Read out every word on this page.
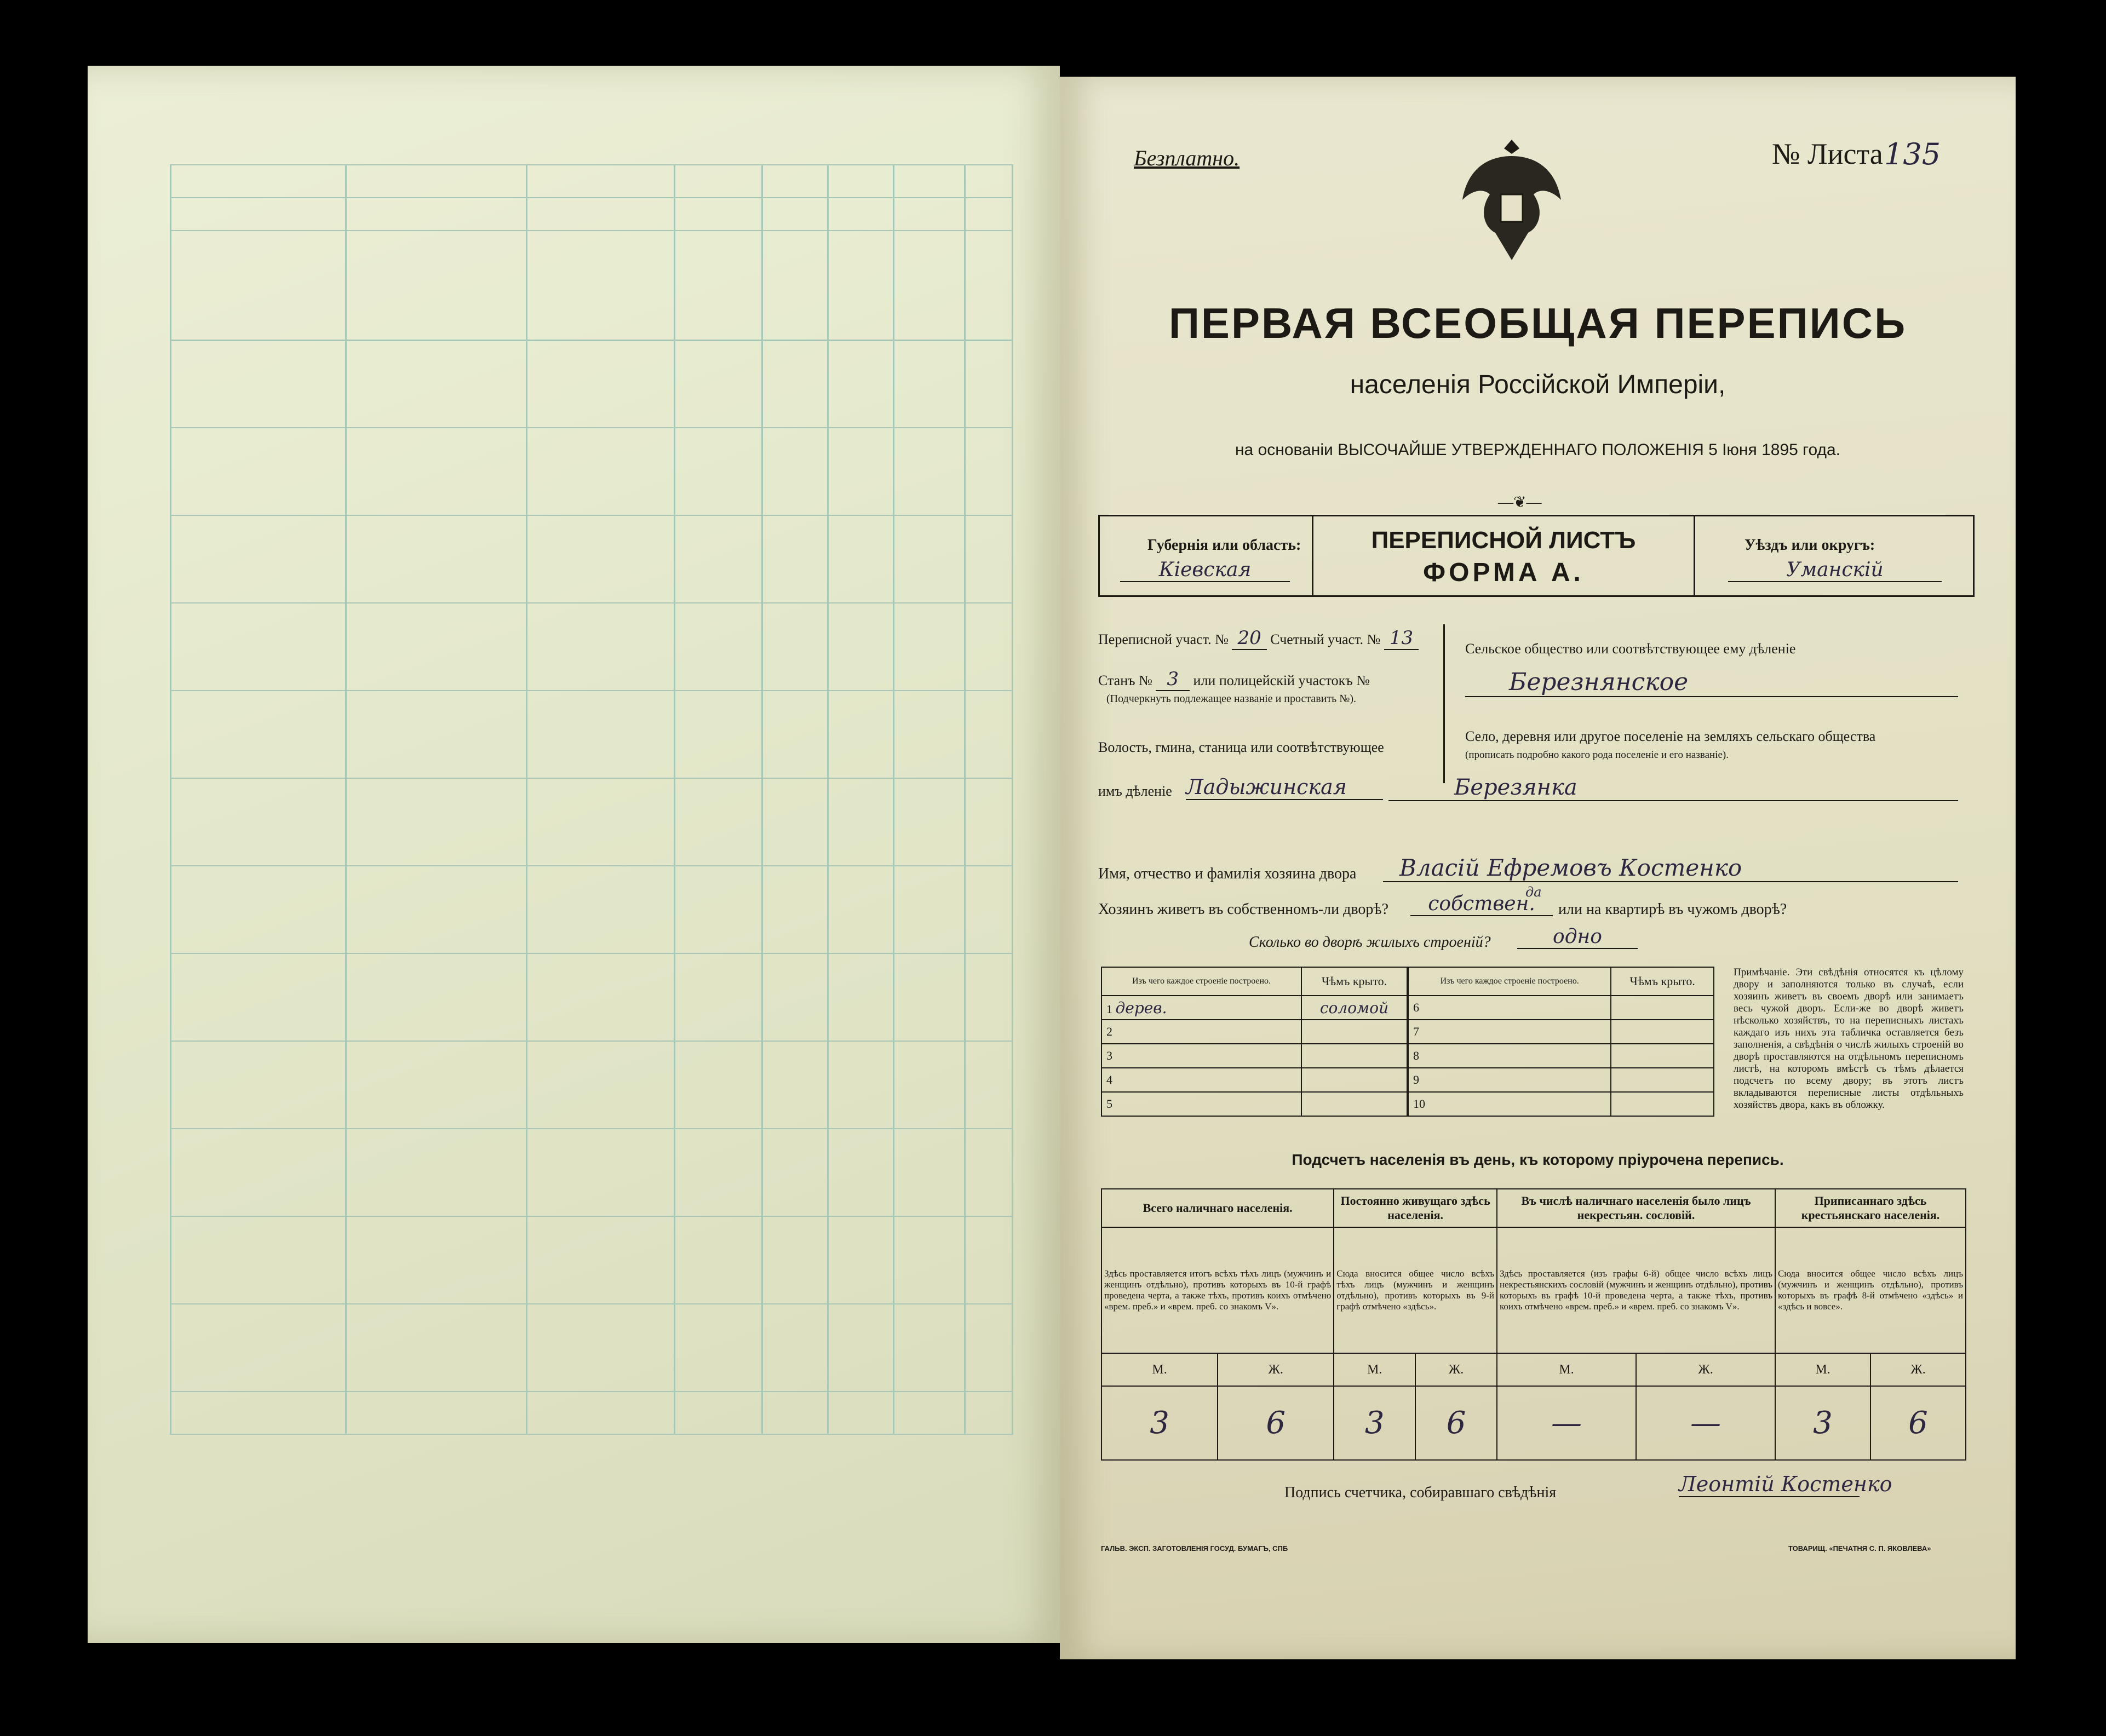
Безплатно.	№ Листа 135
ПЕРВАЯ ВСЕОБЩАЯ ПЕРЕПИСЬ
населенія Россійской Имперіи,
на основаніи ВЫСОЧАЙШЕ УТВЕРЖДЕННАГО ПОЛОЖЕНІЯ 5 Іюня 1895 года.
—❦—
Губернія или область:
Кіевская
ПЕРЕПИСНОЙ ЛИСТЪ
ФОРМА А.
Уѣздъ или округъ:
Уманскій
Переписной участ. № 20 Счетный участ. № 13
Станъ № 3 или полицейскій участокъ №
(Подчеркнуть подлежащее названіе и проставить №).
Волость, гмина, станица или соотвѣтствующее
имъ дѣленіе Ладыжинская
Сельское общество или соотвѣтствующее ему дѣленіе
Березнянское
Село, деревня или другое поселеніе на земляхъ сельскаго общества
(прописать подробно какого рода поселеніе и его названіе).
Березянка
Имя, отчество и фамилія хозяина двора	Власій Ефремовъ Костенко
Хозяинъ живетъ въ собственномъ-ли дворѣ?	собствен.
да
или на квартирѣ въ чужомъ дворѣ?
Сколько во дворѣ жилыхъ строеній?	одно
Изъ чего каждое строеніе построено.	Чѣмъ крыто.
1 дерев.	соломой
2	
3	
4	
5	
Изъ чего каждое строеніе построено.	Чѣмъ крыто.
6	
7	
8	
9	
10	
Примѣчаніе. Эти свѣдѣнія относятся къ цѣлому двору и заполняются только въ случаѣ, если хозяинъ живетъ въ своемъ дворѣ или занимаетъ весь чужой дворъ. Если-же во дворѣ живетъ нѣсколько хозяйствъ, то на переписныхъ листахъ каждаго изъ нихъ эта табличка оставляется безъ заполненія, а свѣдѣнія о числѣ жилыхъ строеній во дворѣ проставляются на отдѣльномъ переписномъ листѣ, на которомъ вмѣстѣ съ тѣмъ дѣлается подсчетъ по всему двору; въ этотъ листъ вкладываются переписные листы отдѣльныхъ хозяйствъ двора, какъ въ обложку.
Подсчетъ населенія въ день, къ которому пріурочена перепись.
Всего наличнаго населенія.		Постоянно живущаго здѣсь населенія.		Въ числѣ наличнаго населенія было лицъ некрестьян. сословій.		Приписаннаго здѣсь крестьянскаго населенія.	
Здѣсь проставляется итогъ всѣхъ тѣхъ лицъ (мужчинъ и женщинъ отдѣльно), противъ которыхъ въ 10-й графѣ проведена черта, а также тѣхъ, противъ коихъ отмѣчено «врем. преб.» и «врем. преб. со знакомъ V».		Сюда вносится общее число всѣхъ тѣхъ лицъ (мужчинъ и женщинъ отдѣльно), противъ которыхъ въ 9-й графѣ отмѣчено «здѣсь».		Здѣсь проставляется (изъ графы 6-й) общее число всѣхъ лицъ некрестьянскихъ сословій (мужчинъ и женщинъ отдѣльно), противъ которыхъ въ графѣ 10-й проведена черта, а также тѣхъ, противъ коихъ отмѣчено «врем. преб.» и «врем. преб. со знакомъ V».		Сюда вносится общее число всѣхъ лицъ (мужчинъ и женщинъ отдѣльно), противъ которыхъ въ графѣ 8-й отмѣчено «здѣсь» и «здѣсь и вовсе».	
М.	Ж.	М.	Ж.	М.	Ж.	М.	Ж.
3	6	3	6	—	—	3	6
Подпись счетчика, собиравшаго свѣдѣнія	Леонтій Костенко
ГАЛЬВ. ЭКСП. ЗАГОТОВЛЕНІЯ ГОСУД. БУМАГЪ, СПБ	ТОВАРИЩ. «ПЕЧАТНЯ С. П. ЯКОВЛЕВА»
